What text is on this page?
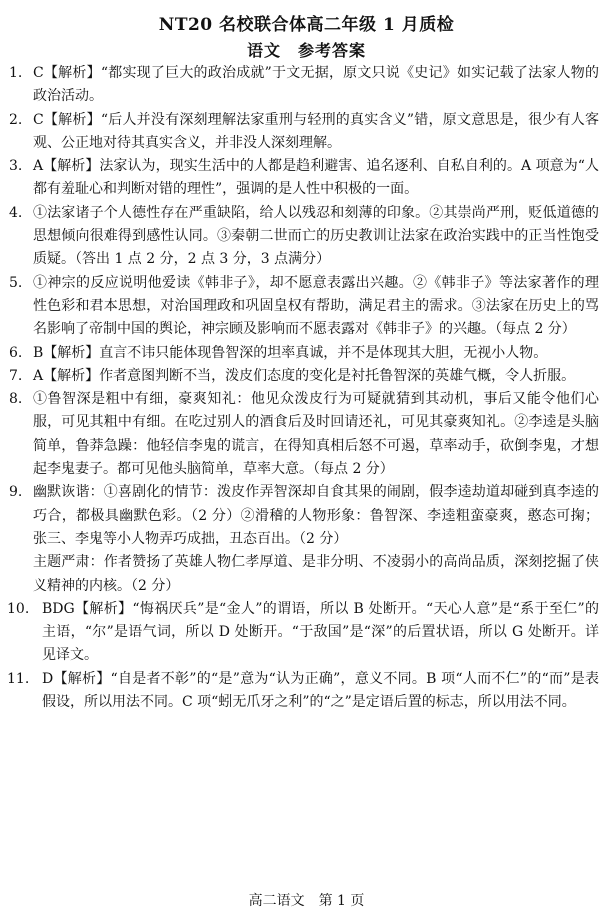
NT20 名校联合体高二年级 1 月质检
语文　参考答案
1. C【解析】“都实现了巨大的政治成就”于文无据，原文只说《史记》如实记载了法家人物的政治活动。
2. C【解析】“后人并没有深刻理解法家重刑与轻刑的真实含义”错，原文意思是，很少有人客观、公正地对待其真实含义，并非没人深刻理解。
3. A【解析】法家认为，现实生活中的人都是趋利避害、追名逐利、自私自利的。A 项意为“人都有羞耻心和判断对错的理性”，强调的是人性中积极的一面。
4. ①法家诸子个人德性存在严重缺陷，给人以残忍和刻薄的印象。②其崇尚严刑，贬低道德的思想倾向很难得到感性认同。③秦朝二世而亡的历史教训让法家在政治实践中的正当性饱受质疑。（答出 1 点 2 分，2 点 3 分，3 点满分）
5. ①神宗的反应说明他爱读《韩非子》，却不愿意表露出兴趣。②《韩非子》等法家著作的理性色彩和君本思想，对治国理政和巩固皇权有帮助，满足君主的需求。③法家在历史上的骂名影响了帝制中国的舆论，神宗顾及影响而不愿表露对《韩非子》的兴趣。（每点 2 分）
6. B【解析】直言不讳只能体现鲁智深的坦率真诚，并不是体现其大胆，无视小人物。
7. A【解析】作者意图判断不当，泼皮们态度的变化是衬托鲁智深的英雄气概，令人折服。
8. ①鲁智深是粗中有细，豪爽知礼：他见众泼皮行为可疑就猜到其动机，事后又能令他们心服，可见其粗中有细。在吃过别人的酒食后及时回请还礼，可见其豪爽知礼。②李逵是头脑简单，鲁莽急躁：他轻信李鬼的谎言，在得知真相后怒不可遏，草率动手，砍倒李鬼，才想起李鬼妻子。都可见他头脑简单，草率大意。（每点 2 分）
9. 幽默诙谐：①喜剧化的情节：泼皮作弄智深却自食其果的闹剧，假李逵劫道却碰到真李逵的巧合，都极具幽默色彩。（2 分）②滑稽的人物形象：鲁智深、李逵粗蛮豪爽，憨态可掬；张三、李鬼等小人物弄巧成拙，丑态百出。（2 分）
主题严肃：作者赞扬了英雄人物仁孝厚道、是非分明、不凌弱小的高尚品质，深刻挖掘了侠义精神的内核。（2 分）
10. BDG【解析】“悔祸厌兵”是“金人”的谓语，所以 B 处断开。“天心人意”是“系于至仁”的主语，“尔”是语气词，所以 D 处断开。“于敌国”是“深”的后置状语，所以 G 处断开。详见译文。
11. D【解析】“自是者不彰”的“是”意为“认为正确”，意义不同。B 项“人而不仁”的“而”是表假设，所以用法不同。C 项“蚓无爪牙之利”的“之”是定语后置的标志，所以用法不同。
高二语文　第 1 页
